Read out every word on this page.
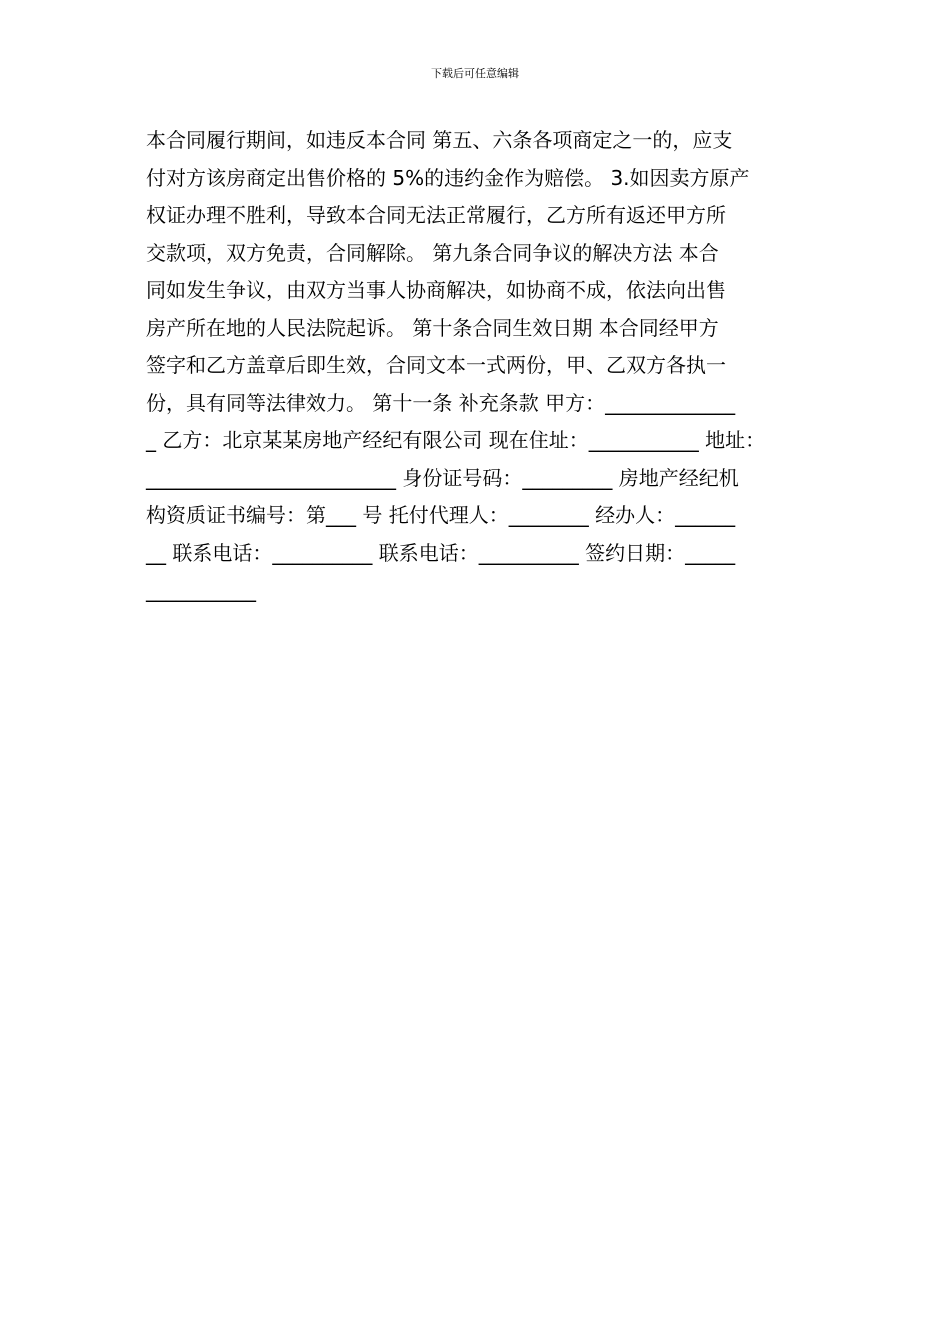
下载后可任意编辑
本合同履行期间，如违反本合同 第五、六条各项商定之一的，应支
付对方该房商定出售价格的 5%的违约金作为赔偿。 3.如因卖方原产
权证办理不胜利，导致本合同无法正常履行，乙方所有返还甲方所
交款项，双方免责，合同解除。 第九条合同争议的解决方法 本合
同如发生争议，由双方当事人协商解决，如协商不成，依法向出售
房产所在地的人民法院起诉。 第十条合同生效日期 本合同经甲方
签字和乙方盖章后即生效，合同文本一式两份，甲、乙双方各执一
份，具有同等法律效力。 第十一条 补充条款 甲方：_____________
_ 乙方：北京某某房地产经纪有限公司 现在住址：___________ 地址：
_________________________ 身份证号码：_________ 房地产经纪机
构资质证书编号：第___ 号 托付代理人：________ 经办人：______
__ 联系电话：__________ 联系电话：__________ 签约日期：_____
___________
